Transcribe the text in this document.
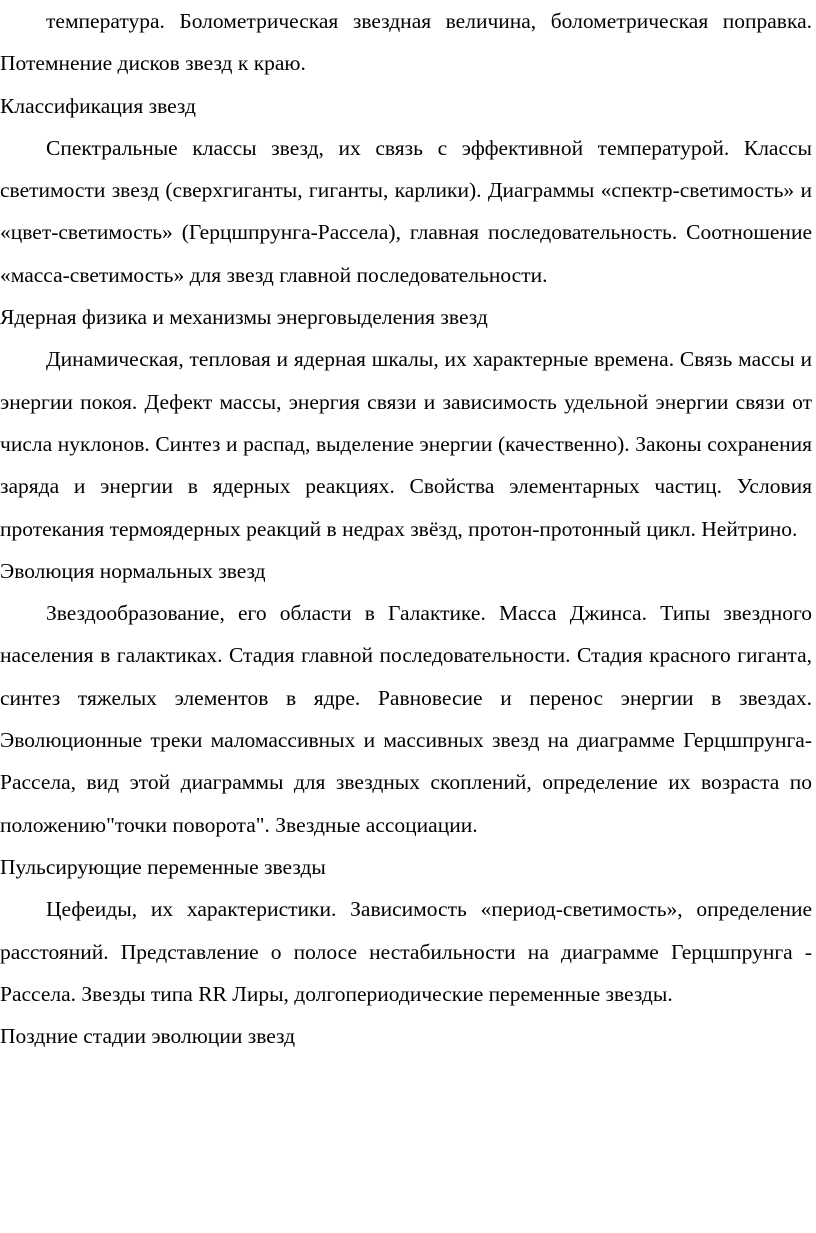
температура. Болометрическая звездная величина, болометрическая поправка. Потемнение дисков звезд к краю.

Классификация звезд

Спектральные классы звезд, их связь с эффективной температурой. Классы светимости звезд (сверхгиганты, гиганты, карлики). Диаграммы «спектр-светимость» и «цвет-светимость» (Герцшпрунга-Рассела), главная последовательность. Соотношение «масса-светимость» для звезд главной последовательности.

Ядерная физика и механизмы энерговыделения звезд

Динамическая, тепловая и ядерная шкалы, их характерные времена. Связь массы и энергии покоя. Дефект массы, энергия связи и зависимость удельной энергии связи от числа нуклонов. Синтез и распад, выделение энергии (качественно). Законы сохранения заряда и энергии в ядерных реакциях. Свойства элементарных частиц. Условия протекания термоядерных реакций в недрах звёзд, протон-протонный цикл. Нейтрино.

Эволюция нормальных звезд

Звездообразование, его области в Галактике. Масса Джинса. Типы звездного населения в галактиках. Стадия главной последовательности. Стадия красного гиганта, синтез тяжелых элементов в ядре. Равновесие и перенос энергии в звездах. Эволюционные треки маломассивных и массивных звезд на диаграмме Герцшпрунга-Рассела, вид этой диаграммы для звездных скоплений, определение их возраста по положению"точки поворота". Звездные ассоциации.

Пульсирующие переменные звезды

Цефеиды, их характеристики. Зависимость «период-светимость», определение расстояний. Представление о полосе нестабильности на диаграмме Герцшпрунга - Рассела. Звезды типа RR Лиры, долгопериодические переменные звезды.

Поздние стадии эволюции звезд
